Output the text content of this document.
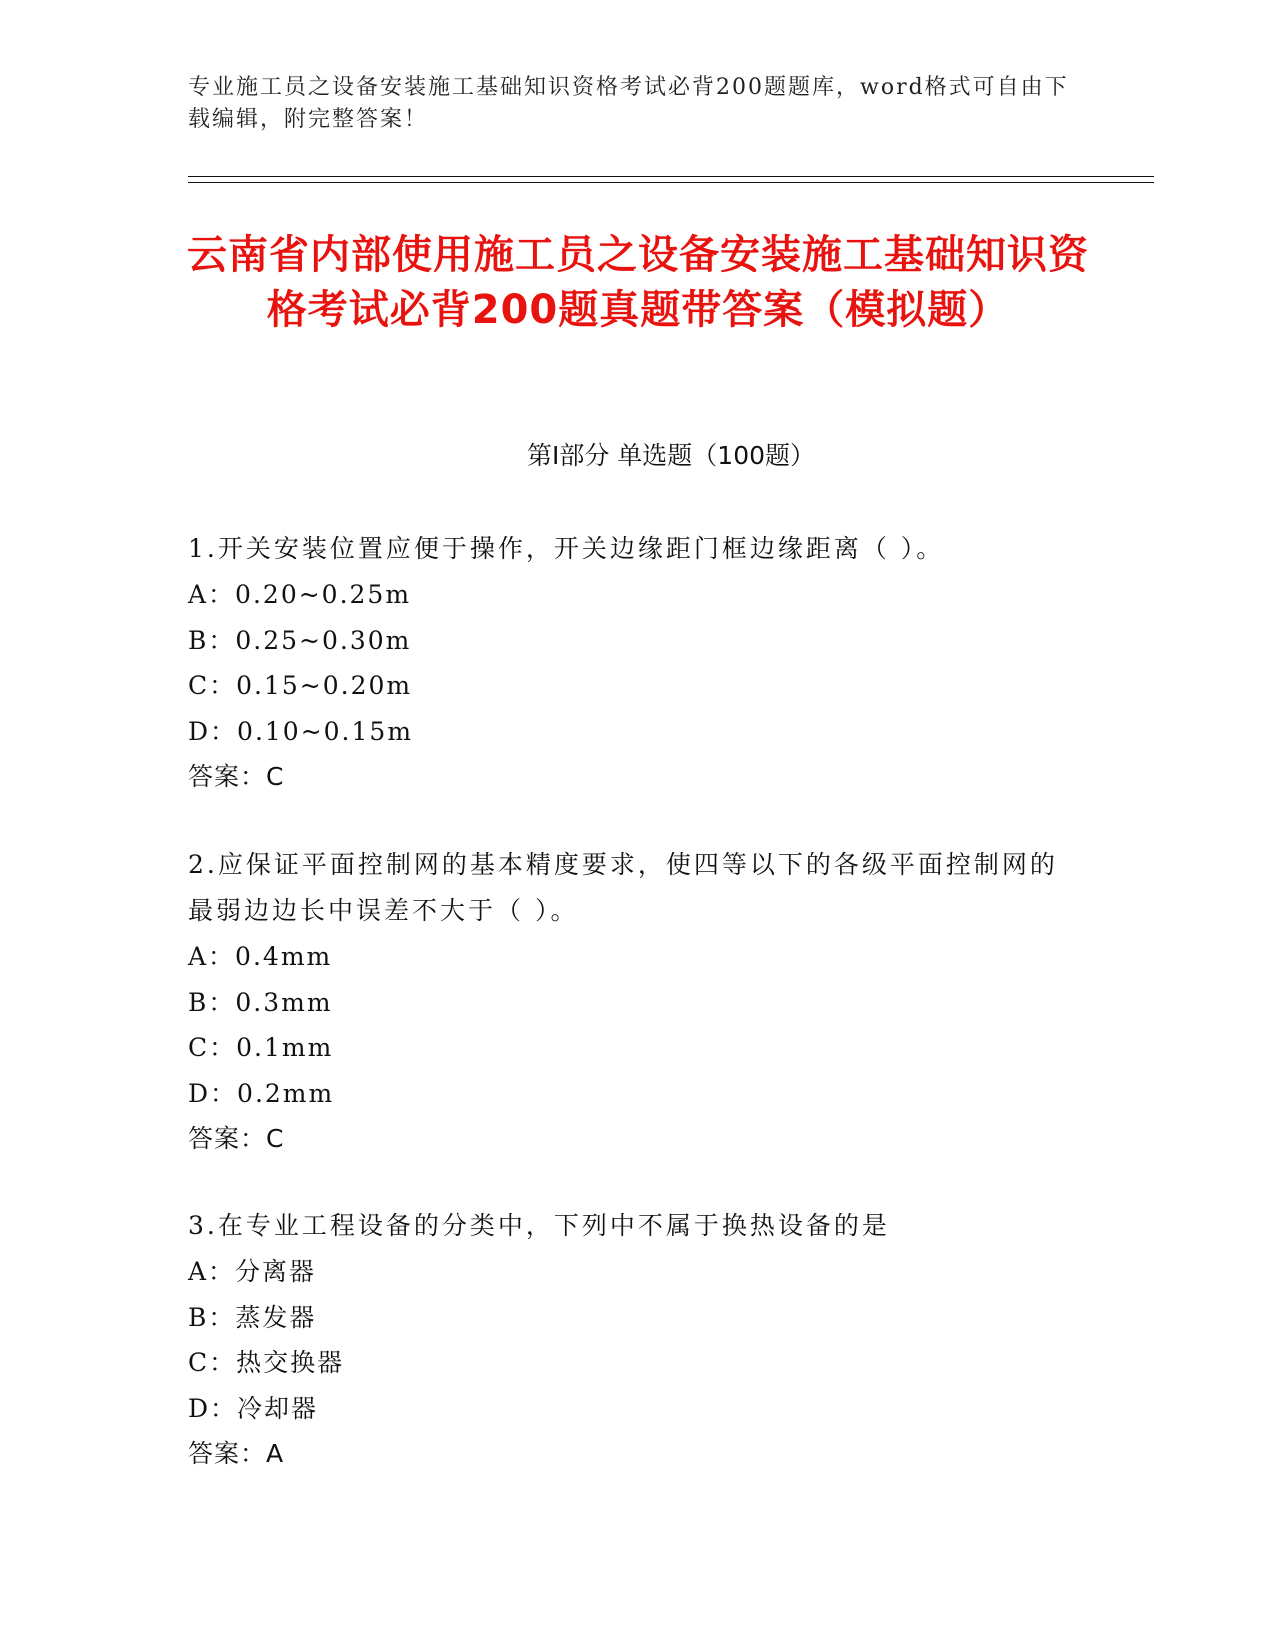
专业施工员之设备安装施工基础知识资格考试必背200题题库，word格式可自由下载编辑，附完整答案！
云南省内部使用施工员之设备安装施工基础知识资格考试必背200题真题带答案（模拟题）
第Ⅰ部分 单选题（100题）

1.开关安装位置应便于操作，开关边缘距门框边缘距离（ ）。

A：0.20~0.25m

B：0.25~0.30m

C：0.15~0.20m

D：0.10~0.15m

答案：C

2.应保证平面控制网的基本精度要求，使四等以下的各级平面控制网的最弱边边长中误差不大于（ ）。

A：0.4mm

B：0.3mm

C：0.1mm

D：0.2mm

答案：C

3.在专业工程设备的分类中，下列中不属于换热设备的是

A：分离器

B：蒸发器

C：热交换器

D：冷却器

答案：A
